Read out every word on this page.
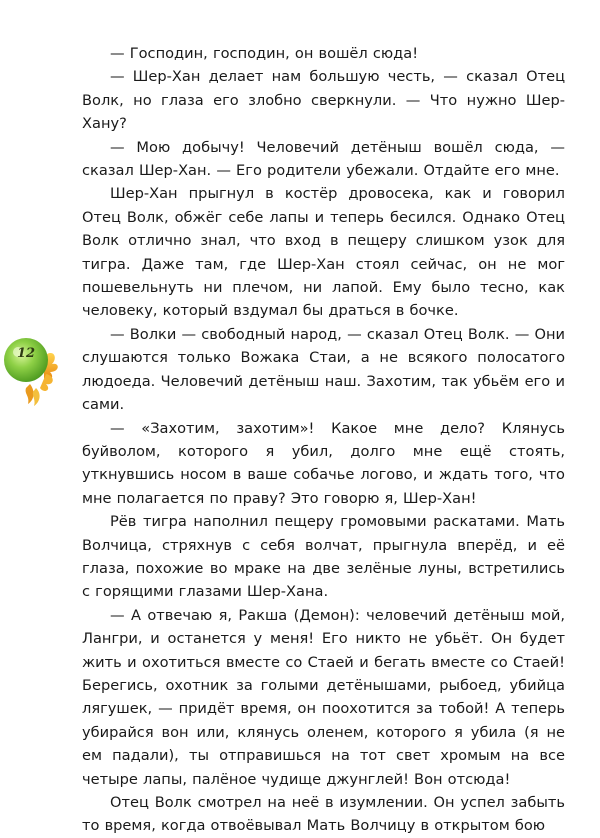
12

— Господин, господин, он вошёл сюда!

— Шер-Хан делает нам большую честь, — сказал Отец Волк, но глаза его злобно сверкнули. — Что нужно Шер-Хану?

— Мою добычу! Человечий детёныш вошёл сюда, — сказал Шер-Хан. — Его родители убежали. Отдайте его мне.

Шер-Хан прыгнул в костёр дровосека, как и говорил Отец Волк, обжёг себе лапы и теперь бесился. Однако Отец Волк отлично знал, что вход в пещеру слишком узок для тигра. Даже там, где Шер-Хан стоял сейчас, он не мог пошевельнуть ни плечом, ни лапой. Ему было тесно, как человеку, который вздумал бы драться в бочке.

— Волки — свободный народ, — сказал Отец Волк. — Они слушаются только Вожака Стаи, а не всякого полосатого людоеда. Человечий детёныш наш. Захотим, так убьём его и сами.

— «Захотим, захотим»! Какое мне дело? Клянусь буйволом, которого я убил, долго мне ещё стоять, уткнувшись носом в ваше собачье логово, и ждать того, что мне полагается по праву? Это говорю я, Шер-Хан!

Рёв тигра наполнил пещеру громовыми раскатами. Мать Волчица, стряхнув с себя волчат, прыгнула вперёд, и её глаза, похожие во мраке на две зелёные луны, встретились с горящими глазами Шер-Хана.

— А отвечаю я, Ракша (Демон): человечий детёныш мой, Лангри, и останется у меня! Его никто не убьёт. Он будет жить и охотиться вместе со Стаей и бегать вместе со Стаей! Берегись, охотник за голыми детёнышами, рыбоед, убийца лягушек, — придёт время, он поохотится за тобой! А теперь убирайся вон или, клянусь оленем, которого я убила (я не ем падали), ты отправишься на тот свет хромым на все четыре лапы, палёное чудище джунглей! Вон отсюда!

Отец Волк смотрел на неё в изумлении. Он успел забыть то время, когда отвоёвывал Мать Волчицу в открытом бою
